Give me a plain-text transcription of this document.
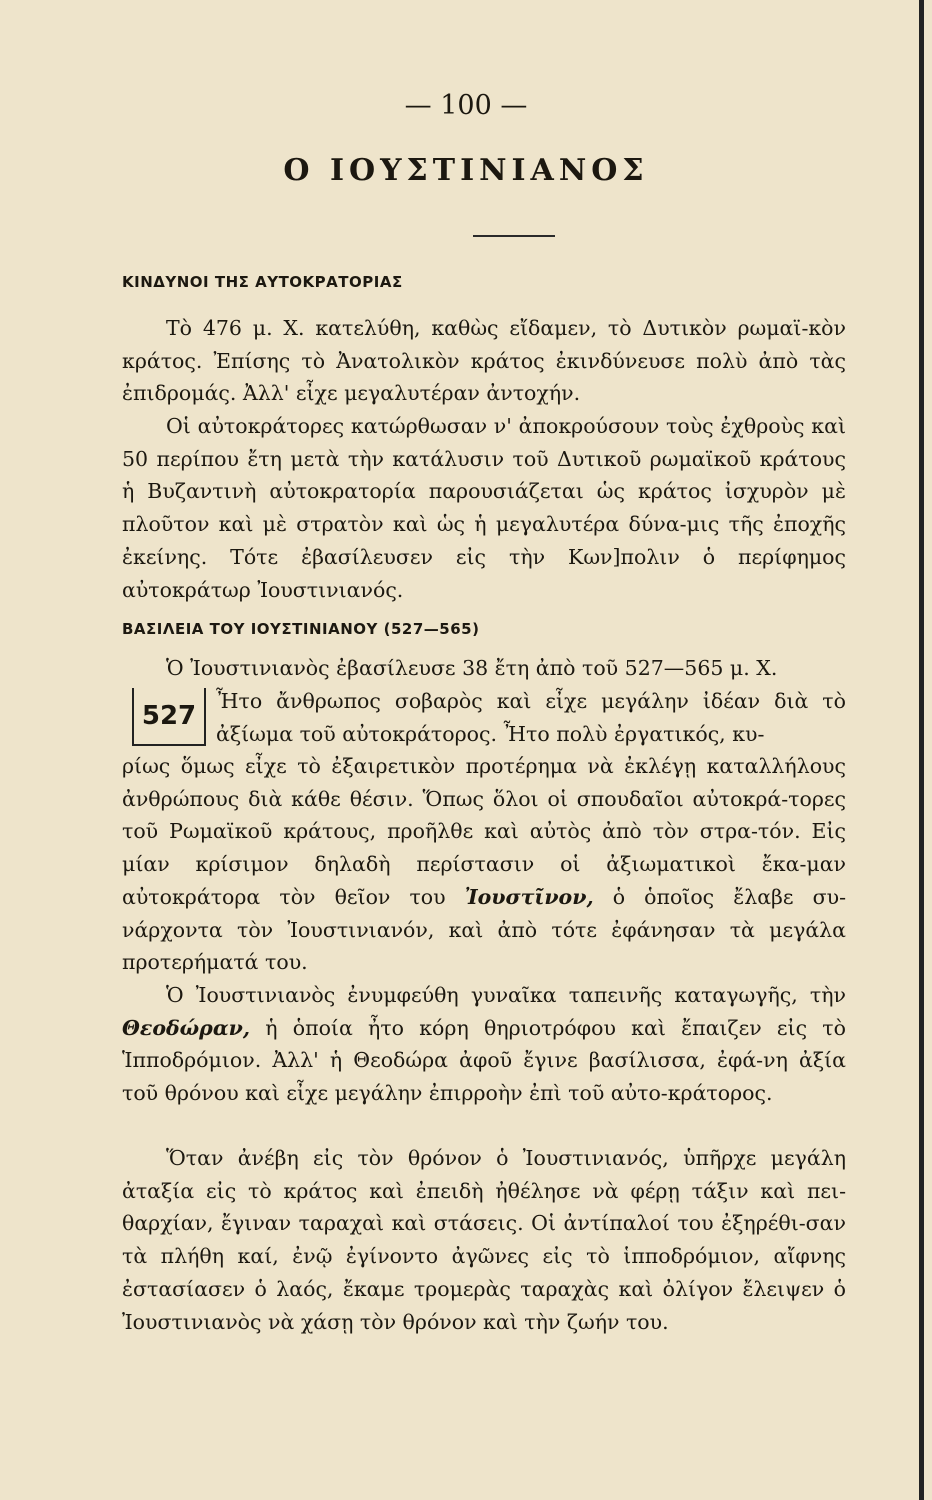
— 100 —
Ο ΙΟΥΣΤΙΝΙΑΝΟΣ
ΚΙΝΔΥΝΟΙ ΤΗΣ ΑΥΤΟΚΡΑΤΟΡΙΑΣ
Τὸ 476 μ. Χ. κατελύθη, καθὼς εἴδαμεν, τὸ Δυτικὸν ρωμαϊ-κὸν κράτος. Ἐπίσης τὸ Ἀνατολικὸν κράτος ἐκινδύνευσε πολὺ ἀπὸ τὰς ἐπιδρομάς. Ἀλλ' εἶχε μεγαλυτέραν ἀντοχήν.
Οἱ αὐτοκράτορες κατώρθωσαν ν' ἀποκρούσουν τοὺς ἐχθροὺς καὶ 50 περίπου ἔτη μετὰ τὴν κατάλυσιν τοῦ Δυτικοῦ ρωμαϊκοῦ κράτους ἡ Βυζαντινὴ αὐτοκρατορία παρουσιάζεται ὡς κράτος ἰσχυρὸν μὲ πλοῦτον καὶ μὲ στρατὸν καὶ ὡς ἡ μεγαλυτέρα δύνα-μις τῆς ἐποχῆς ἐκείνης. Τότε ἐβασίλευσεν εἰς τὴν Κων]πολιν ὁ περίφημος αὐτοκράτωρ Ἰουστινιανός.
ΒΑΣΙΛΕΙΑ ΤΟΥ ΙΟΥΣΤΙΝΙΑΝΟΥ (527—565)
Ὁ Ἰουστινιανὸς ἐβασίλευσε 38 ἔτη ἀπὸ τοῦ 527—565 μ. Χ.
527 Ἦτο ἄνθρωπος σοβαρὸς καὶ εἶχε μεγάλην ἰδέαν διὰ τὸ ἀξίωμα τοῦ αὐτοκράτορος. Ἦτο πολὺ ἐργατικός, κυ-
ρίως ὅμως εἶχε τὸ ἐξαιρετικὸν προτέρημα νὰ ἐκλέγῃ καταλλήλους ἀνθρώπους διὰ κάθε θέσιν. Ὅπως ὅλοι οἱ σπουδαῖοι αὐτοκρά-τορες τοῦ Ρωμαϊκοῦ κράτους, προῆλθε καὶ αὐτὸς ἀπὸ τὸν στρα-τόν. Εἰς μίαν κρίσιμον δηλαδὴ περίστασιν οἱ ἀξιωματικοὶ ἔκα-μαν αὐτοκράτορα τὸν θεῖον του Ἰουστῖνον, ὁ ὁποῖος ἔλαβε συ-νάρχοντα τὸν Ἰουστινιανόν, καὶ ἀπὸ τότε ἐφάνησαν τὰ μεγάλα προτερήματά του.
Ὁ Ἰουστινιανὸς ἐνυμφεύθη γυναῖκα ταπεινῆς καταγωγῆς, τὴν Θεοδώραν, ἡ ὁποία ἦτο κόρη θηριοτρόφου καὶ ἔπαιζεν εἰς τὸ Ἱπποδρόμιον. Ἀλλ' ἡ Θεοδώρα ἀφοῦ ἔγινε βασίλισσα, ἐφά-νη ἀξία τοῦ θρόνου καὶ εἶχε μεγάλην ἐπιρροὴν ἐπὶ τοῦ αὐτο-κράτορος.
Ὅταν ἀνέβη εἰς τὸν θρόνον ὁ Ἰουστινιανός, ὑπῆρχε μεγάλη ἀταξία εἰς τὸ κράτος καὶ ἐπειδὴ ἠθέλησε νὰ φέρῃ τάξιν καὶ πει-θαρχίαν, ἔγιναν ταραχαὶ καὶ στάσεις. Οἱ ἀντίπαλοί του ἐξηρέθι-σαν τὰ πλήθη καί, ἐνῷ ἐγίνοντο ἀγῶνες εἰς τὸ ἱπποδρόμιον, αἴφνης ἐστασίασεν ὁ λαός, ἔκαμε τρομερὰς ταραχὰς καὶ ὀλίγον ἔλειψεν ὁ Ἰουστινιανὸς νὰ χάσῃ τὸν θρόνον καὶ τὴν ζωήν του.
